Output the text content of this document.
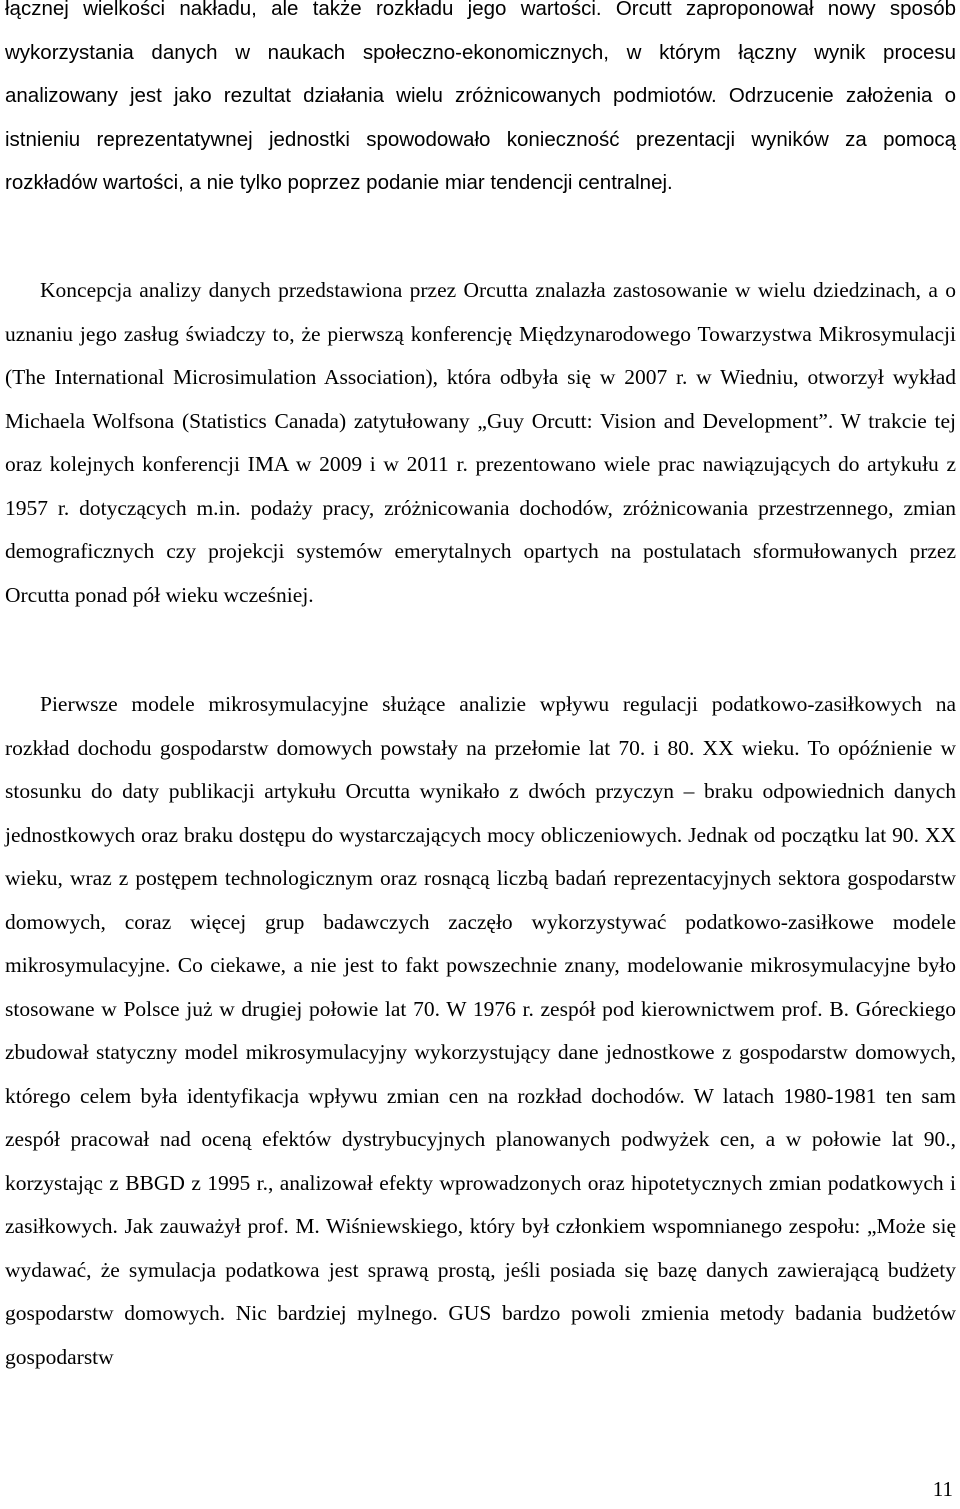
łącznej wielkości nakładu, ale także rozkładu jego wartości. Orcutt zaproponował nowy sposób wykorzystania danych w naukach społeczno-ekonomicznych, w którym łączny wynik procesu analizowany jest jako rezultat działania wielu zróżnicowanych podmiotów. Odrzucenie założenia o istnieniu reprezentatywnej jednostki spowodowało konieczność prezentacji wyników za pomocą rozkładów wartości, a nie tylko poprzez podanie miar tendencji centralnej.

Koncepcja analizy danych przedstawiona przez Orcutta znalazła zastosowanie w wielu dziedzinach, a o uznaniu jego zasług świadczy to, że pierwszą konferencję Międzynarodowego Towarzystwa Mikrosymulacji (The International Microsimulation Association), która odbyła się w 2007 r. w Wiedniu, otworzył wykład Michaela Wolfsona (Statistics Canada) zatytułowany „Guy Orcutt: Vision and Development”. W trakcie tej oraz kolejnych konferencji IMA w 2009 i w 2011 r. prezentowano wiele prac nawiązujących do artykułu z 1957 r. dotyczących m.in. podaży pracy, zróżnicowania dochodów, zróżnicowania przestrzennego, zmian demograficznych czy projekcji systemów emerytalnych opartych na postulatach sformułowanych przez Orcutta ponad pół wieku wcześniej.

Pierwsze modele mikrosymulacyjne służące analizie wpływu regulacji podatkowo-zasiłkowych na rozkład dochodu gospodarstw domowych powstały na przełomie lat 70. i 80. XX wieku. To opóźnienie w stosunku do daty publikacji artykułu Orcutta wynikało z dwóch przyczyn – braku odpowiednich danych jednostkowych oraz braku dostępu do wystarczających mocy obliczeniowych. Jednak od początku lat 90. XX wieku, wraz z postępem technologicznym oraz rosnącą liczbą badań reprezentacyjnych sektora gospodarstw domowych, coraz więcej grup badawczych zaczęło wykorzystywać podatkowo-zasiłkowe modele mikrosymulacyjne. Co ciekawe, a nie jest to fakt powszechnie znany, modelowanie mikrosymulacyjne było stosowane w Polsce już w drugiej połowie lat 70. W 1976 r. zespół pod kierownictwem prof. B. Góreckiego zbudował statyczny model mikrosymulacyjny wykorzystujący dane jednostkowe z gospodarstw domowych, którego celem była identyfikacja wpływu zmian cen na rozkład dochodów. W latach 1980-1981 ten sam zespół pracował nad oceną efektów dystrybucyjnych planowanych podwyżek cen, a w połowie lat 90., korzystając z BBGD z 1995 r., analizował efekty wprowadzonych oraz hipotetycznych zmian podatkowych i zasiłkowych. Jak zauważył prof. M. Wiśniewskiego, który był członkiem wspomnianego zespołu: „Może się wydawać, że symulacja podatkowa jest sprawą prostą, jeśli posiada się bazę danych zawierającą budżety gospodarstw domowych. Nic bardziej mylnego. GUS bardzo powoli zmienia metody badania budżetów gospodarstw

11
